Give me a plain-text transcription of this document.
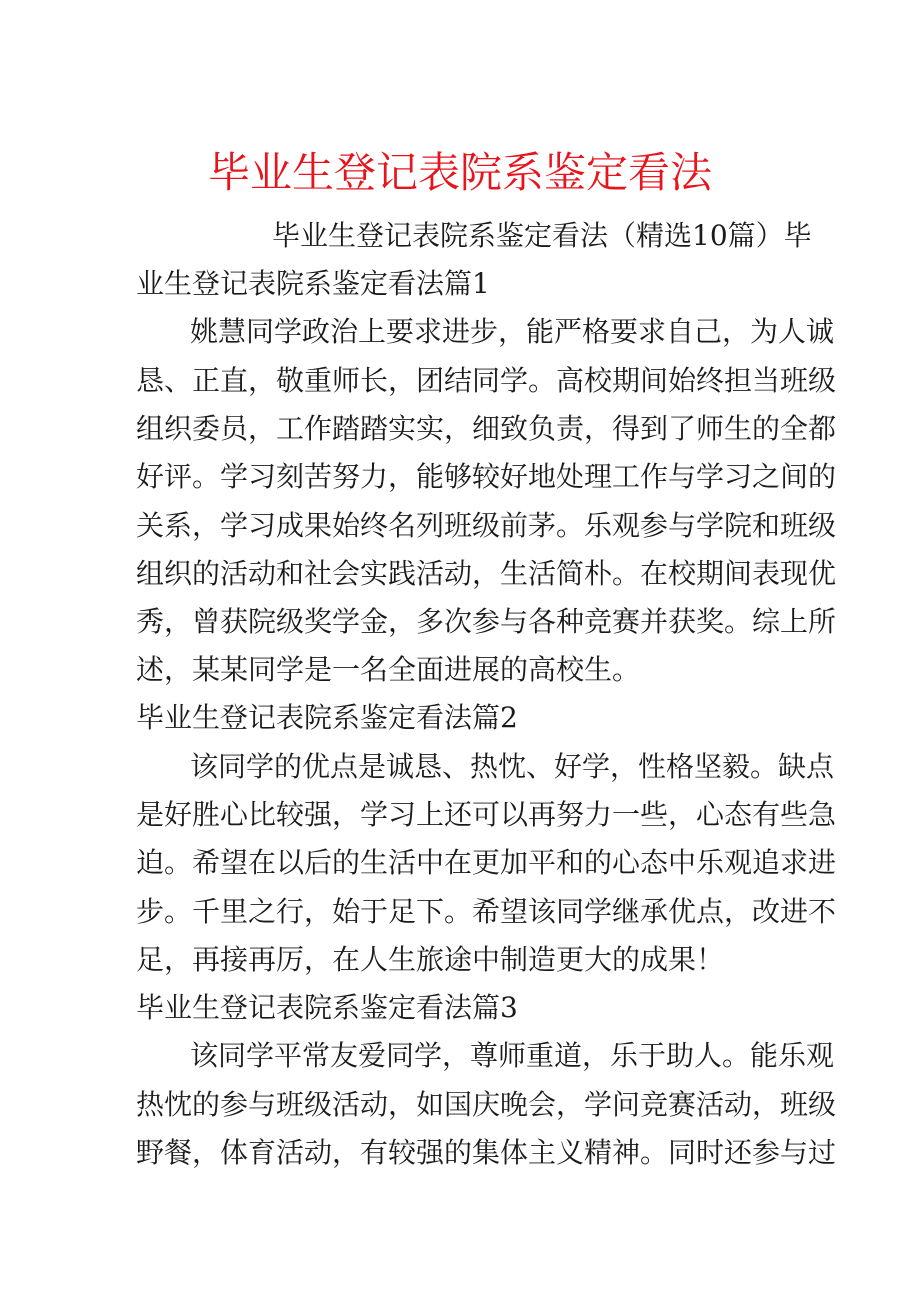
毕业生登记表院系鉴定看法
毕业生登记表院系鉴定看法（精选10篇）毕
业生登记表院系鉴定看法篇1
姚慧同学政治上要求进步，能严格要求自己，为人诚
恳、正直，敬重师长，团结同学。高校期间始终担当班级
组织委员，工作踏踏实实，细致负责，得到了师生的全都
好评。学习刻苦努力，能够较好地处理工作与学习之间的
关系，学习成果始终名列班级前茅。乐观参与学院和班级
组织的活动和社会实践活动，生活简朴。在校期间表现优
秀，曾获院级奖学金，多次参与各种竞赛并获奖。综上所
述，某某同学是一名全面进展的高校生。
毕业生登记表院系鉴定看法篇2
该同学的优点是诚恳、热忱、好学，性格坚毅。缺点
是好胜心比较强，学习上还可以再努力一些，心态有些急
迫。希望在以后的生活中在更加平和的心态中乐观追求进
步。千里之行，始于足下。希望该同学继承优点，改进不
足，再接再厉，在人生旅途中制造更大的成果！
毕业生登记表院系鉴定看法篇3
该同学平常友爱同学，尊师重道，乐于助人。能乐观
热忱的参与班级活动，如国庆晚会，学问竞赛活动，班级
野餐，体育活动，有较强的集体主义精神。同时还参与过
